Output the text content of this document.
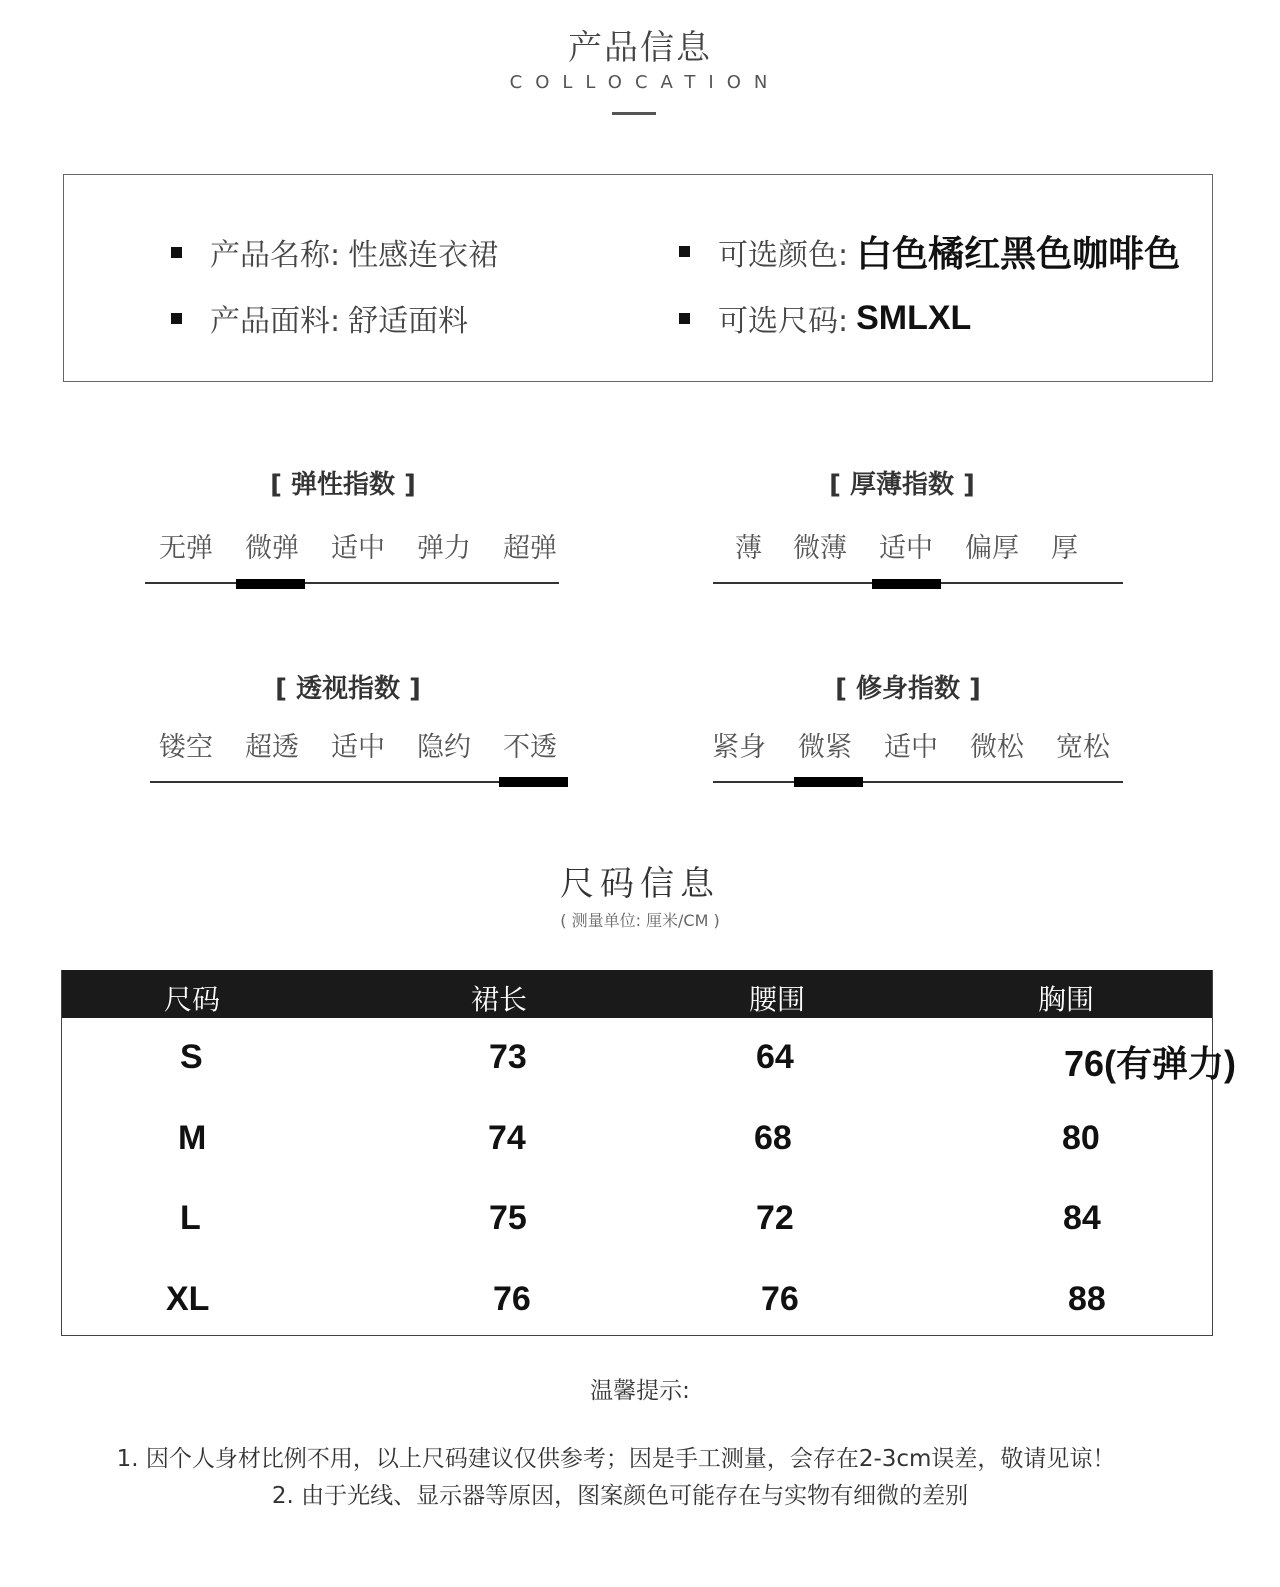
产品信息
COLLOCATION
产品名称: 性感连衣裙
产品面料: 舒适面料
可选颜色: 白色橘红黑色咖啡色
可选尺码: SMLXL
[ 弹性指数 ]
无弹	微弹	适中	弹力	超弹
[ 厚薄指数 ]
薄	微薄	适中	偏厚	厚
[ 透视指数 ]
镂空	超透	适中	隐约	不透
[ 修身指数 ]
紧身	微紧	适中	微松	宽松
尺码信息
( 测量单位: 厘米/CM )
尺码	裙长	腰围	胸围
S	73	64	76(有弹力)
M	74	68	80
L	75	72	84
XL	76	76	88
温馨提示:
1. 因个人身材比例不用，以上尺码建议仅供参考；因是手工测量，会存在2-3cm误差，敬请见谅！
2. 由于光线、显示器等原因，图案颜色可能存在与实物有细微的差别
